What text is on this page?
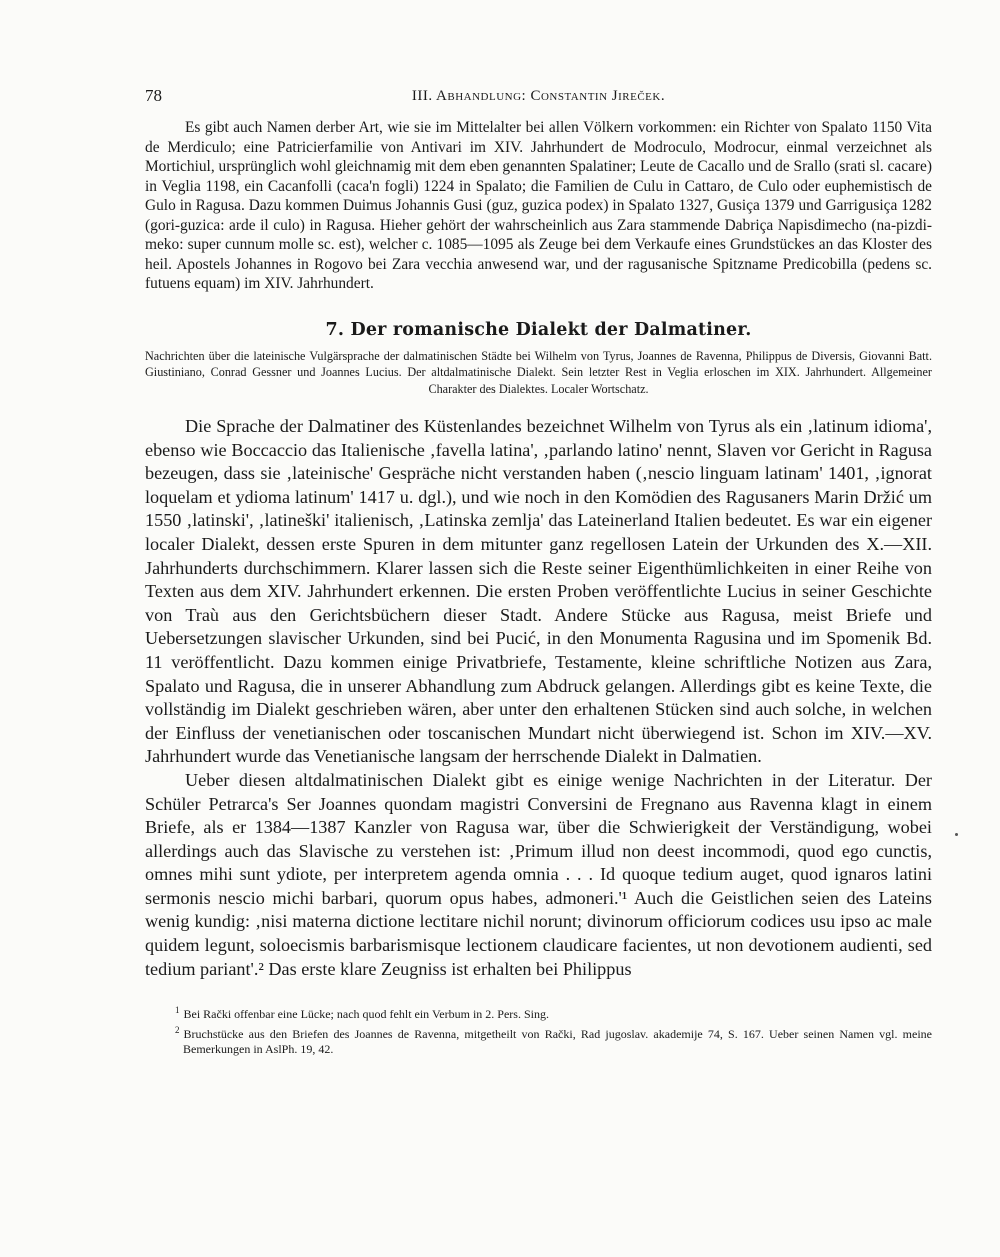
78	III. Abhandlung: Constantin Jireček.

Es gibt auch Namen derber Art, wie sie im Mittelalter bei allen Völkern vorkommen: ein Richter von Spalato 1150 Vita de Merdiculo; eine Patricierfamilie von Antivari im XIV. Jahrhundert de Modroculo, Modrocur, einmal verzeichnet als Mortichiul, ursprünglich wohl gleichnamig mit dem eben genannten Spalatiner; Leute de Cacallo und de Srallo (srati sl. cacare) in Veglia 1198, ein Cacanfolli (caca'n fogli) 1224 in Spalato; die Familien de Culu in Cattaro, de Culo oder euphemistisch de Gulo in Ragusa. Dazu kommen Duimus Johannis Gusi (guz, guzica podex) in Spalato 1327, Gusiça 1379 und Garrigusiça 1282 (gori-guzica: arde il culo) in Ragusa. Hieher gehört der wahrscheinlich aus Zara stammende Dabriça Napisdimecho (na-pizdi-meko: super cunnum molle sc. est), welcher c. 1085—1095 als Zeuge bei dem Verkaufe eines Grundstückes an das Kloster des heil. Apostels Johannes in Rogovo bei Zara vecchia anwesend war, und der ragusanische Spitzname Predicobilla (pedens sc. futuens equam) im XIV. Jahrhundert.

7. Der romanische Dialekt der Dalmatiner.

Nachrichten über die lateinische Vulgärsprache der dalmatinischen Städte bei Wilhelm von Tyrus, Joannes de Ravenna, Philippus de Diversis, Giovanni Batt. Giustiniano, Conrad Gessner und Joannes Lucius. Der altdalmatinische Dialekt. Sein letzter Rest in Veglia erloschen im XIX. Jahrhundert. Allgemeiner Charakter des Dialektes. Localer Wortschatz.

Die Sprache der Dalmatiner des Küstenlandes bezeichnet Wilhelm von Tyrus als ein ‚latinum idioma', ebenso wie Boccaccio das Italienische ‚favella latina', ‚parlando latino' nennt, Slaven vor Gericht in Ragusa bezeugen, dass sie ‚lateinische' Gespräche nicht verstanden haben (‚nescio linguam latinam' 1401, ‚ignorat loquelam et ydioma latinum' 1417 u. dgl.), und wie noch in den Komödien des Ragusaners Marin Držić um 1550 ‚latinski', ‚latineški' italienisch, ‚Latinska zemlja' das Lateinerland Italien bedeutet. Es war ein eigener localer Dialekt, dessen erste Spuren in dem mitunter ganz regellosen Latein der Urkunden des X.—XII. Jahrhunderts durchschimmern. Klarer lassen sich die Reste seiner Eigenthümlichkeiten in einer Reihe von Texten aus dem XIV. Jahrhundert erkennen. Die ersten Proben veröffentlichte Lucius in seiner Geschichte von Traù aus den Gerichtsbüchern dieser Stadt. Andere Stücke aus Ragusa, meist Briefe und Uebersetzungen slavischer Urkunden, sind bei Pucić, in den Monumenta Ragusina und im Spomenik Bd. 11 veröffentlicht. Dazu kommen einige Privatbriefe, Testamente, kleine schriftliche Notizen aus Zara, Spalato und Ragusa, die in unserer Abhandlung zum Abdruck gelangen. Allerdings gibt es keine Texte, die vollständig im Dialekt geschrieben wären, aber unter den erhaltenen Stücken sind auch solche, in welchen der Einfluss der venetianischen oder toscanischen Mundart nicht überwiegend ist. Schon im XIV.—XV. Jahrhundert wurde das Venetianische langsam der herrschende Dialekt in Dalmatien.

Ueber diesen altdalmatinischen Dialekt gibt es einige wenige Nachrichten in der Literatur. Der Schüler Petrarca's Ser Joannes quondam magistri Conversini de Fregnano aus Ravenna klagt in einem Briefe, als er 1384—1387 Kanzler von Ragusa war, über die Schwierigkeit der Verständigung, wobei allerdings auch das Slavische zu verstehen ist: ‚Primum illud non deest incommodi, quod ego cunctis, omnes mihi sunt ydiote, per interpretem agenda omnia . . . Id quoque tedium auget, quod ignaros latini sermonis nescio michi barbari, quorum opus habes, admoneri.'¹ Auch die Geistlichen seien des Lateins wenig kundig: ‚nisi materna dictione lectitare nichil norunt; divinorum officiorum codices usu ipso ac male quidem legunt, soloecismis barbarismisque lectionem claudicare facientes, ut non devotionem audienti, sed tedium pariant'.² Das erste klare Zeugniss ist erhalten bei Philippus

$^1$ Bei Rački offenbar eine Lücke; nach quod fehlt ein Verbum in 2. Pers. Sing.

$^2$ Bruchstücke aus den Briefen des Joannes de Ravenna, mitgetheilt von Rački, Rad jugoslav. akademije 74, S. 167. Ueber seinen Namen vgl. meine Bemerkungen in AslPh. 19, 42.
